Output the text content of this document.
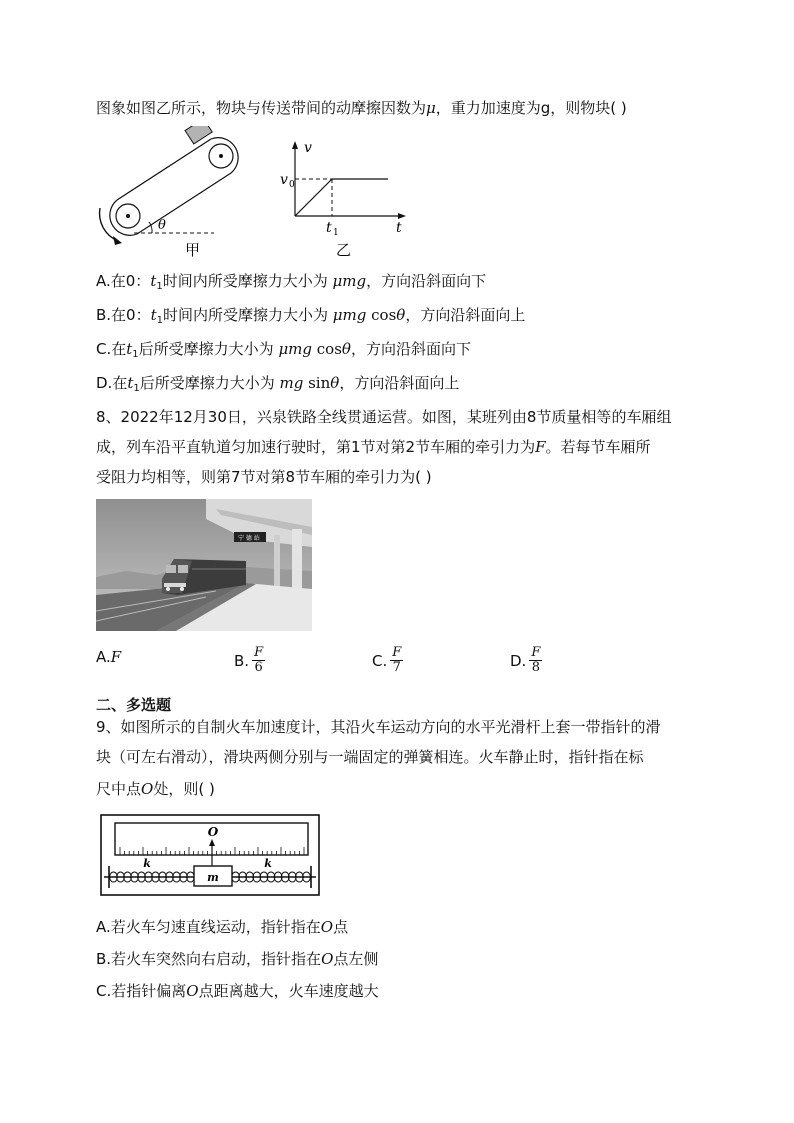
图象如图乙所示，物块与传送带间的动摩擦因数为μ，重力加速度为g，则物块( )
θ
甲
v
t
v 0
t 1
乙
A.在0：$t_1$时间内所受摩擦力大小为 μmg，方向沿斜面向下
B.在0：$t_1$时间内所受摩擦力大小为 μmg cosθ，方向沿斜面向上
C.在$t_1$后所受摩擦力大小为 μmg cosθ，方向沿斜面向下
D.在$t_1$后所受摩擦力大小为 mg sinθ，方向沿斜面向上
8、2022年12月30日，兴泉铁路全线贯通运营。如图，某班列由8节质量相等的车厢组
成，列车沿平直轨道匀加速行驶时，第1节对第2节车厢的牵引力为F。若每节车厢所
受阻力均相等，则第7节对第8节车厢的牵引力为( )
宁 德 站
A. F	B. $\frac{F}{6}$	C. $\frac{F}{7}$	D. $\frac{F}{8}$
二、多选题
9、如图所示的自制火车加速度计，其沿火车运动方向的水平光滑杆上套一带指针的滑
块（可左右滑动），滑块两侧分别与一端固定的弹簧相连。火车静止时，指针指在标
尺中点O处，则( )
O
m
k	k
A.若火车匀速直线运动，指针指在O点
B.若火车突然向右启动，指针指在O点左侧
C.若指针偏离O点距离越大，火车速度越大
